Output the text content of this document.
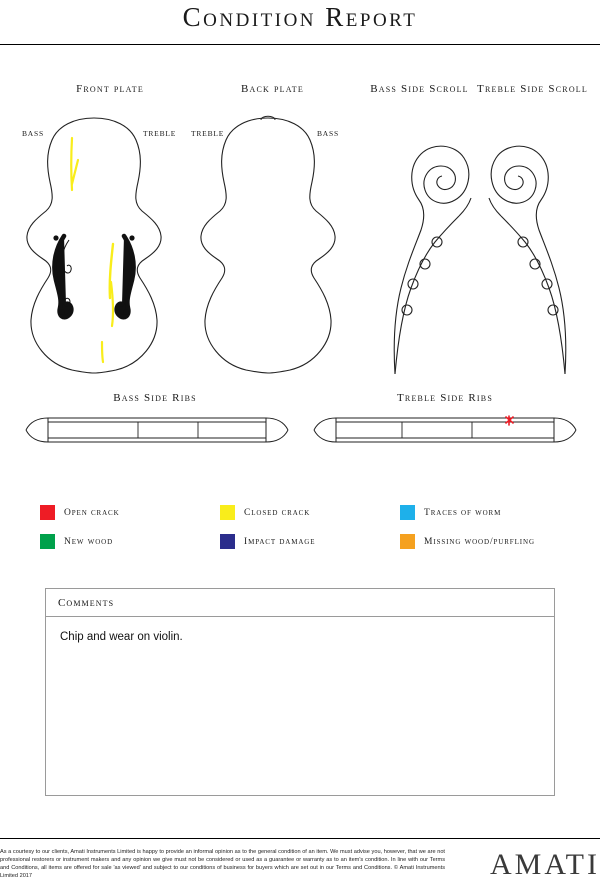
Condition Report
Front plate	Back plate	Bass Side Scroll Treble Side Scroll
BASS	TREBLE TREBLE	BASS
Bass Side Ribs	Treble Side Ribs
Open crack	Closed crack	Traces of worm
New wood	Impact damage	Missing wood/purfling
Comments
Chip and wear on violin.
As a courtesy to our clients, Amati Instruments Limited is happy to provide an informal opinion as to the general condition of an item. We must advise you, however, that we are not professional restorers or instrument makers and any opinion we give must not be considered or used as a guarantee or warranty as to an item's condition. In line with our Terms and Conditions, all items are offered for sale 'as viewed' and subject to our conditions of business for buyers which are set out in our Terms and Conditions. © Amati Instruments Limited 2017	AMATI
